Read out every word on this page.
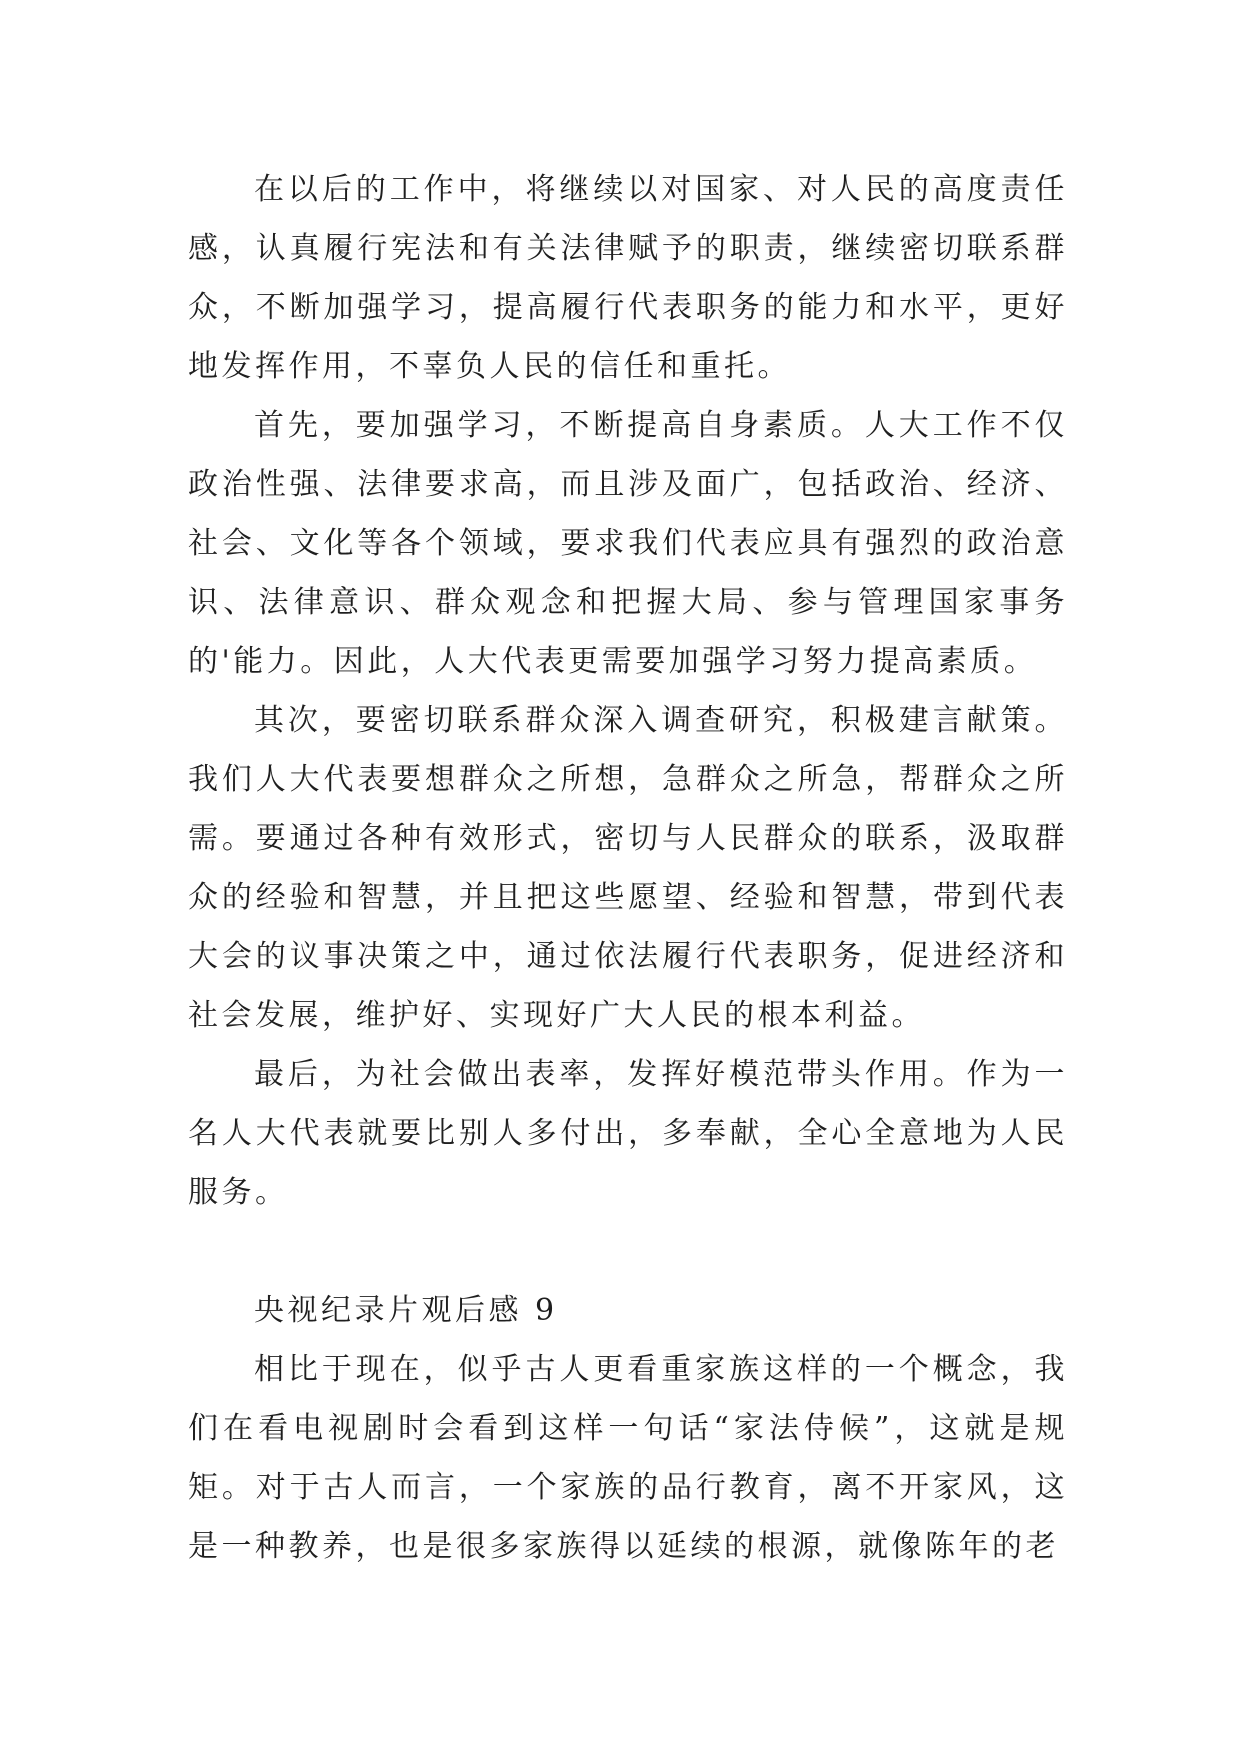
在以后的工作中，将继续以对国家、对人民的高度责任感，认真履行宪法和有关法律赋予的职责，继续密切联系群众，不断加强学习，提高履行代表职务的能力和水平，更好地发挥作用，不辜负人民的信任和重托。

首先，要加强学习，不断提高自身素质。人大工作不仅政治性强、法律要求高，而且涉及面广，包括政治、经济、社会、文化等各个领域，要求我们代表应具有强烈的政治意识、法律意识、群众观念和把握大局、参与管理国家事务的'能力。因此，人大代表更需要加强学习努力提高素质。

其次，要密切联系群众深入调查研究，积极建言献策。我们人大代表要想群众之所想，急群众之所急，帮群众之所需。要通过各种有效形式，密切与人民群众的联系，汲取群众的经验和智慧，并且把这些愿望、经验和智慧，带到代表大会的议事决策之中，通过依法履行代表职务，促进经济和社会发展，维护好、实现好广大人民的根本利益。

最后，为社会做出表率，发挥好模范带头作用。作为一名人大代表就要比别人多付出，多奉献，全心全意地为人民服务。

央视纪录片观后感 9

相比于现在，似乎古人更看重家族这样的一个概念，我们在看电视剧时会看到这样一句话“家法侍候”，这就是规矩。对于古人而言，一个家族的品行教育，离不开家风，这是一种教养，也是很多家族得以延续的根源，就像陈年的老
